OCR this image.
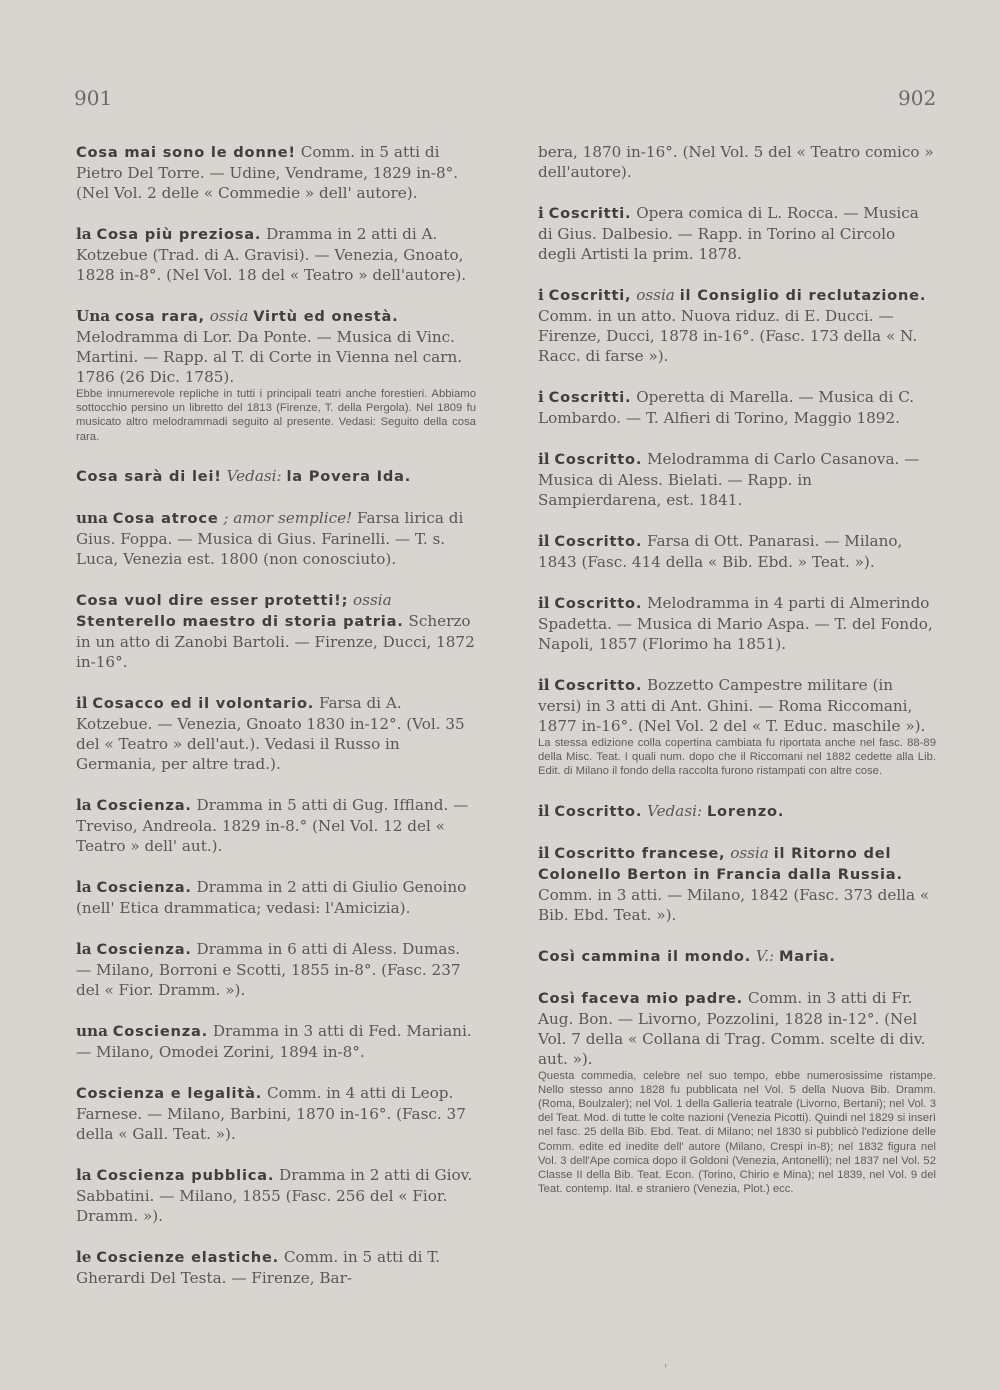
901	902
Cosa mai sono le donne! Comm. in 5 atti di Pietro Del Torre. — Udine, Vendrame, 1829 in-8°. (Nel Vol. 2 delle « Commedie » dell' autore).
la Cosa più preziosa. Dramma in 2 atti di A. Kotzebue (Trad. di A. Gravisi). — Venezia, Gnoato, 1828 in-8°. (Nel Vol. 18 del « Teatro » dell'autore).
Una cosa rara, ossia Virtù ed onestà. Melodramma di Lor. Da Ponte. — Musica di Vinc. Martini. — Rapp. al T. di Corte in Vienna nel carn. 1786 (26 Dic. 1785).
Ebbe innumerevole repliche in tutti i principali teatri anche forestieri. Abbiamo sottocchio persino un libretto del 1813 (Firenze, T. della Pergola). Nel 1809 fu musicato altro melodrammadi seguito al presente. Vedasi: Seguito della cosa rara.
Cosa sarà di lei! Vedasi: la Povera Ida.
una Cosa atroce ; amor semplice! Farsa lirica di Gius. Foppa. — Musica di Gius. Farinelli. — T. s. Luca, Venezia est. 1800 (non conosciuto).
Cosa vuol dire esser protetti!; ossia Stenterello maestro di storia patria. Scherzo in un atto di Zanobi Bartoli. — Firenze, Ducci, 1872 in-16°.
il Cosacco ed il volontario. Farsa di A. Kotzebue. — Venezia, Gnoato 1830 in-12°. (Vol. 35 del « Teatro » dell'aut.). Vedasi il Russo in Germania, per altre trad.).
la Coscienza. Dramma in 5 atti di Gug. Iffland. — Treviso, Andreola. 1829 in-8.° (Nel Vol. 12 del « Teatro » dell' aut.).
la Coscienza. Dramma in 2 atti di Giulio Genoino (nell' Etica drammatica; vedasi: l'Amicizia).
la Coscienza. Dramma in 6 atti di Aless. Dumas. — Milano, Borroni e Scotti, 1855 in-8°. (Fasc. 237 del « Fior. Dramm. »).
una Coscienza. Dramma in 3 atti di Fed. Mariani. — Milano, Omodei Zorini, 1894 in-8°.
Coscienza e legalità. Comm. in 4 atti di Leop. Farnese. — Milano, Barbini, 1870 in-16°. (Fasc. 37 della « Gall. Teat. »).
la Coscienza pubblica. Dramma in 2 atti di Giov. Sabbatini. — Milano, 1855 (Fasc. 256 del « Fior. Dramm. »).
le Coscienze elastiche. Comm. in 5 atti di T. Gherardi Del Testa. — Firenze, Bar-
bera, 1870 in-16°. (Nel Vol. 5 del « Teatro comico » dell'autore).
i Coscritti. Opera comica di L. Rocca. — Musica di Gius. Dalbesio. — Rapp. in Torino al Circolo degli Artisti la prim. 1878.
i Coscritti, ossia il Consiglio di reclutazione. Comm. in un atto. Nuova riduz. di E. Ducci. — Firenze, Ducci, 1878 in-16°. (Fasc. 173 della « N. Racc. di farse »).
i Coscritti. Operetta di Marella. — Musica di C. Lombardo. — T. Alfieri di Torino, Maggio 1892.
il Coscritto. Melodramma di Carlo Casanova. — Musica di Aless. Bielati. — Rapp. in Sampierdarena, est. 1841.
il Coscritto. Farsa di Ott. Panarasi. — Milano, 1843 (Fasc. 414 della « Bib. Ebd. » Teat. »).
il Coscritto. Melodramma in 4 parti di Almerindo Spadetta. — Musica di Mario Aspa. — T. del Fondo, Napoli, 1857 (Florimo ha 1851).
il Coscritto. Bozzetto Campestre militare (in versi) in 3 atti di Ant. Ghini. — Roma Riccomani, 1877 in-16°. (Nel Vol. 2 del « T. Educ. maschile »).
La stessa edizione colla copertina cambiata fu riportata anche nel fasc. 88-89 della Misc. Teat. I quali num. dopo che il Riccomani nel 1882 cedette alla Lib. Edit. di Milano il fondo della raccolta furono ristampati con altre cose.
il Coscritto. Vedasi: Lorenzo.
il Coscritto francese, ossia il Ritorno del Colonello Berton in Francia dalla Russia. Comm. in 3 atti. — Milano, 1842 (Fasc. 373 della « Bib. Ebd. Teat. »).
Così cammina il mondo. V.: Maria.
Così faceva mio padre. Comm. in 3 atti di Fr. Aug. Bon. — Livorno, Pozzolini, 1828 in-12°. (Nel Vol. 7 della « Collana di Trag. Comm. scelte di div. aut. »).
Questa commedia, celebre nel suo tempo, ebbe numerosissime ristampe. Nello stesso anno 1828 fu pubblicata nel Vol. 5 della Nuova Bib. Dramm. (Roma, Boulzaler); nel Vol. 1 della Galleria teatrale (Livorno, Bertani); nel Vol. 3 del Teat. Mod. di tutte le colte nazioni (Venezia Picotti). Quindi nel 1829 si inserì nel fasc. 25 della Bib. Ebd. Teat. di Milano; nel 1830 si pubblicò l'edizione delle Comm. edite ed inedite dell' autore (Milano, Crespi in-8); nel 1832 figura nel Vol. 3 dell'Ape comica dopo il Goldoni (Venezia, Antonelli); nel 1837 nel Vol. 52 Classe II della Bib. Teat. Econ. (Torino, Chirio e Mina); nel 1839, nel Vol. 9 del Teat. contemp. Ital. e straniero (Venezia, Plot.) ecc.
'
